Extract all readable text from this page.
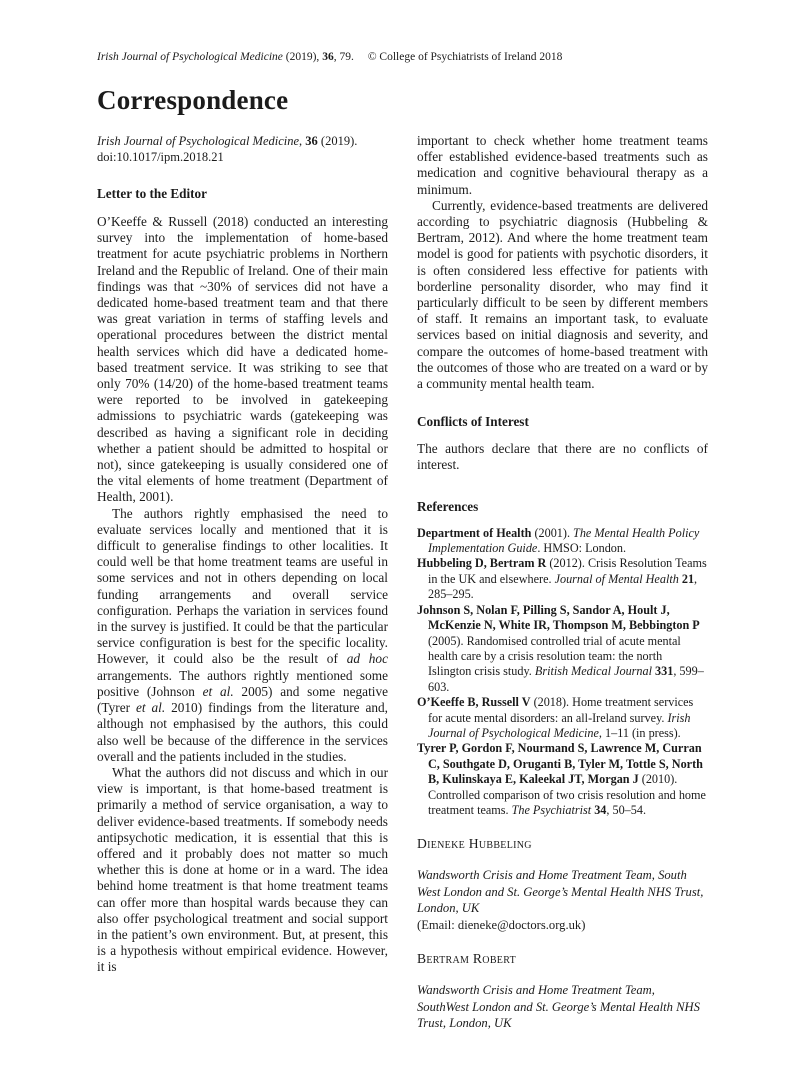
Irish Journal of Psychological Medicine (2019), 36, 79. © College of Psychiatrists of Ireland 2018
Correspondence
Irish Journal of Psychological Medicine, 36 (2019).
doi:10.1017/ipm.2018.21
Letter to the Editor

O’Keeffe & Russell (2018) conducted an interesting survey into the implementation of home-based treatment for acute psychiatric problems in Northern Ireland and the Republic of Ireland. One of their main findings was that ~30% of services did not have a dedicated home-based treatment team and that there was great variation in terms of staffing levels and operational procedures between the district mental health services which did have a dedicated home-based treatment service. It was striking to see that only 70% (14/20) of the home-based treatment teams were reported to be involved in gatekeeping admissions to psychiatric wards (gatekeeping was described as having a significant role in deciding whether a patient should be admitted to hospital or not), since gatekeeping is usually considered one of the vital elements of home treatment (Department of Health, 2001).

The authors rightly emphasised the need to evaluate services locally and mentioned that it is difficult to generalise findings to other localities. It could well be that home treatment teams are useful in some services and not in others depending on local funding arrangements and overall service configuration. Perhaps the variation in services found in the survey is justified. It could be that the particular service configuration is best for the specific locality. However, it could also be the result of ad hoc arrangements. The authors rightly mentioned some positive (Johnson et al. 2005) and some negative (Tyrer et al. 2010) findings from the literature and, although not emphasised by the authors, this could also well be because of the difference in the services overall and the patients included in the studies.

What the authors did not discuss and which in our view is important, is that home-based treatment is primarily a method of service organisation, a way to deliver evidence-based treatments. If somebody needs antipsychotic medication, it is essential that this is offered and it probably does not matter so much whether this is done at home or in a ward. The idea behind home treatment is that home treatment teams can offer more than hospital wards because they can also offer psychological treatment and social support in the patient’s own environment. But, at present, this is a hypothesis without empirical evidence. However, it is

important to check whether home treatment teams offer established evidence-based treatments such as medication and cognitive behavioural therapy as a minimum.

Currently, evidence-based treatments are delivered according to psychiatric diagnosis (Hubbeling & Bertram, 2012). And where the home treatment team model is good for patients with psychotic disorders, it is often considered less effective for patients with borderline personality disorder, who may find it particularly difficult to be seen by different members of staff. It remains an important task, to evaluate services based on initial diagnosis and severity, and compare the outcomes of home-based treatment with the outcomes of those who are treated on a ward or by a community mental health team.

Conflicts of Interest

The authors declare that there are no conflicts of interest.

References

Department of Health (2001). The Mental Health Policy Implementation Guide. HMSO: London.

Hubbeling D, Bertram R (2012). Crisis Resolution Teams in the UK and elsewhere. Journal of Mental Health 21, 285–295.

Johnson S, Nolan F, Pilling S, Sandor A, Hoult J, McKenzie N, White IR, Thompson M, Bebbington P (2005). Randomised controlled trial of acute mental health care by a crisis resolution team: the north Islington crisis study. British Medical Journal 331, 599–603.

O’Keeffe B, Russell V (2018). Home treatment services for acute mental disorders: an all-Ireland survey. Irish Journal of Psychological Medicine, 1–11 (in press).

Tyrer P, Gordon F, Nourmand S, Lawrence M, Curran C, Southgate D, Oruganti B, Tyler M, Tottle S, North B, Kulinskaya E, Kaleekal JT, Morgan J (2010). Controlled comparison of two crisis resolution and home treatment teams. The Psychiatrist 34, 50–54.

Dieneke Hubbeling
Wandsworth Crisis and Home Treatment Team, South West London and St. George’s Mental Health NHS Trust, London, UK
(Email: dieneke@doctors.org.uk)
Bertram Robert
Wandsworth Crisis and Home Treatment Team, SouthWest London and St. George’s Mental Health NHS Trust, London, UK
